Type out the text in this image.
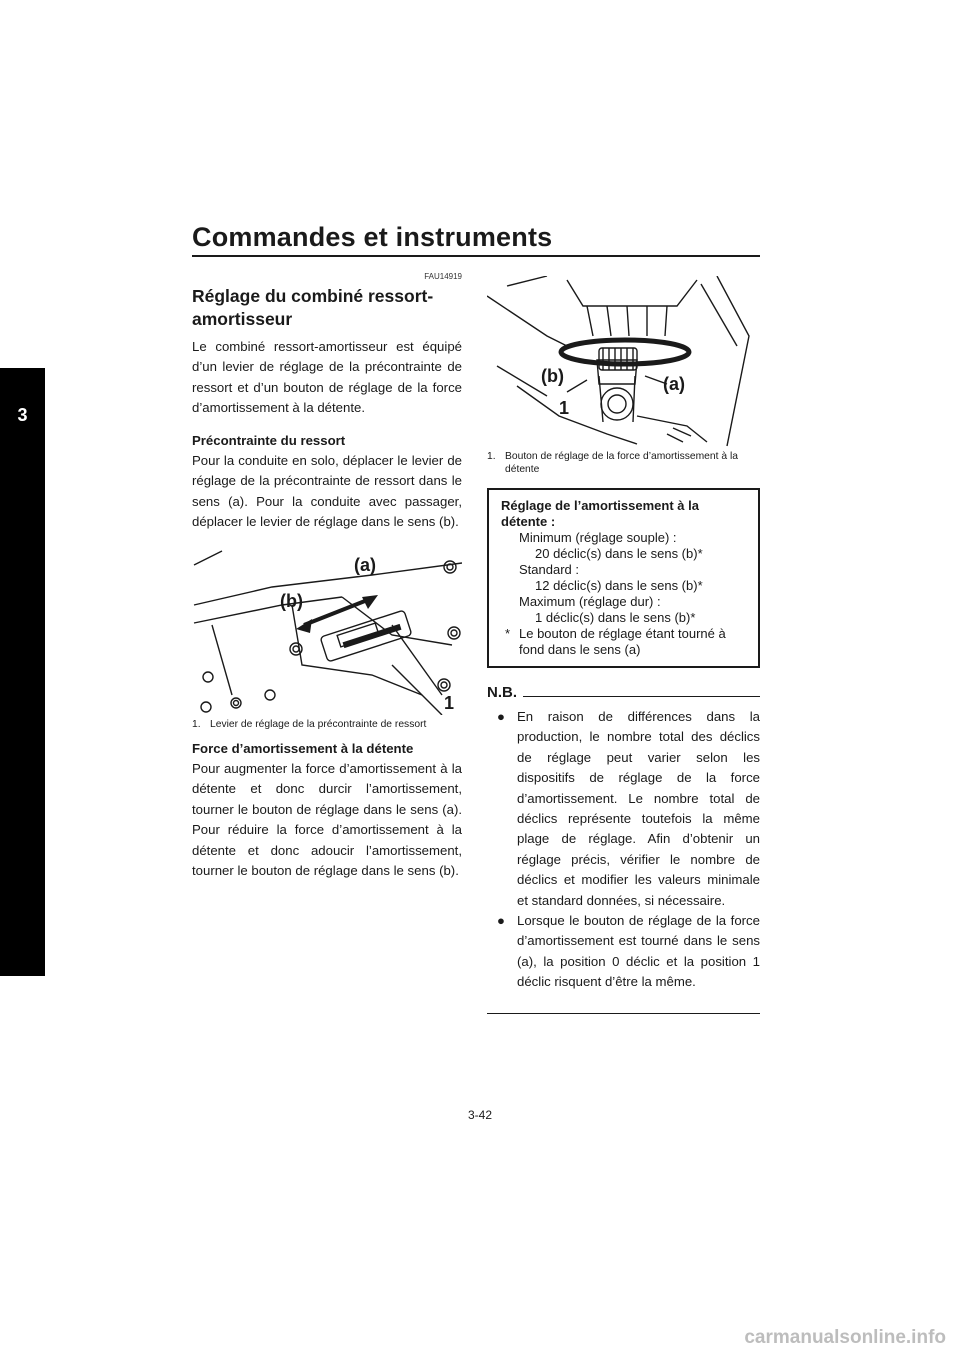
Commandes et instruments
3
FAU14919
Réglage du combiné ressort-amortisseur

Le combiné ressort-amortisseur est équipé d’un levier de réglage de la précontrainte de ressort et d’un bouton de réglage de la force d’amortissement à la détente.

Précontrainte du ressort

Pour la conduite en solo, déplacer le levier de réglage de la précontrainte de ressort dans le sens (a). Pour la conduite avec passager, déplacer le levier de réglage dans le sens (b).

(a)
(b)
1
1. Levier de réglage de la précontrainte de ressort
Force d’amortissement à la détente

Pour augmenter la force d’amortissement à la détente et donc durcir l’amortissement, tourner le bouton de réglage dans le sens (a). Pour réduire la force d’amortissement à la détente et donc adoucir l’amortissement, tourner le bouton de réglage dans le sens (b).

(b)	(a)
1
1. Bouton de réglage de la force d’amortissement à la détente
Réglage de l’amortissement à la détente :
Minimum (réglage souple) :
20 déclic(s) dans le sens (b)*
Standard :
12 déclic(s) dans le sens (b)*
Maximum (réglage dur) :
1 déclic(s) dans le sens (b)*
* Le bouton de réglage étant tourné à fond dans le sens (a)
N.B.
● En raison de différences dans la production, le nombre total des déclics de réglage peut varier selon les dispositifs de réglage de la force d’amortissement. Le nombre total de déclics représente toutefois la même plage de réglage. Afin d’obtenir un réglage précis, vérifier le nombre de déclics et modifier les valeurs minimale et standard données, si nécessaire.
● Lorsque le bouton de réglage de la force d’amortissement est tourné dans le sens (a), la position 0 déclic et la position 1 déclic risquent d’être la même.
3-42
carmanualsonline.info
